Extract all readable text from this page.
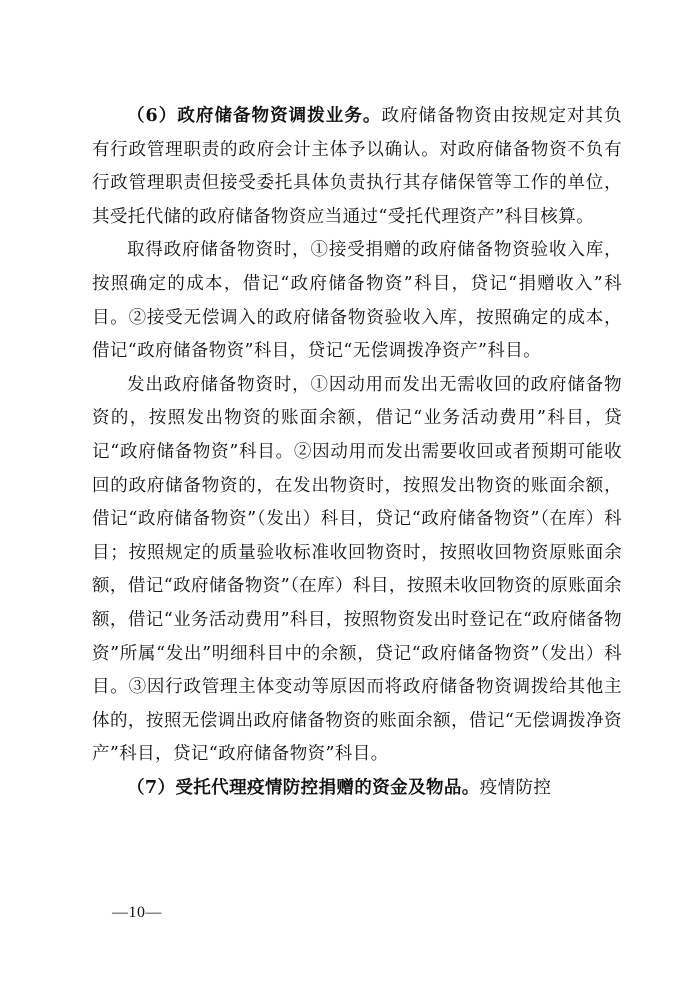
（6）政府储备物资调拨业务。政府储备物资由按规定对其负有行政管理职责的政府会计主体予以确认。对政府储备物资不负有行政管理职责但接受委托具体负责执行其存储保管等工作的单位，其受托代储的政府储备物资应当通过“受托代理资产”科目核算。

取得政府储备物资时，①接受捐赠的政府储备物资验收入库，按照确定的成本，借记“政府储备物资”科目，贷记“捐赠收入”科目。②接受无偿调入的政府储备物资验收入库，按照确定的成本，借记“政府储备物资”科目，贷记“无偿调拨净资产”科目。

发出政府储备物资时，①因动用而发出无需收回的政府储备物资的，按照发出物资的账面余额，借记“业务活动费用”科目，贷记“政府储备物资”科目。②因动用而发出需要收回或者预期可能收回的政府储备物资的，在发出物资时，按照发出物资的账面余额，借记“政府储备物资”（发出）科目，贷记“政府储备物资”（在库）科目；按照规定的质量验收标准收回物资时，按照收回物资原账面余额，借记“政府储备物资”（在库）科目，按照未收回物资的原账面余额，借记“业务活动费用”科目，按照物资发出时登记在“政府储备物资”所属“发出”明细科目中的余额，贷记“政府储备物资”（发出）科目。③因行政管理主体变动等原因而将政府储备物资调拨给其他主体的，按照无偿调出政府储备物资的账面余额，借记“无偿调拨净资产”科目，贷记“政府储备物资”科目。

（7）受托代理疫情防控捐赠的资金及物品。疫情防控

—10—
